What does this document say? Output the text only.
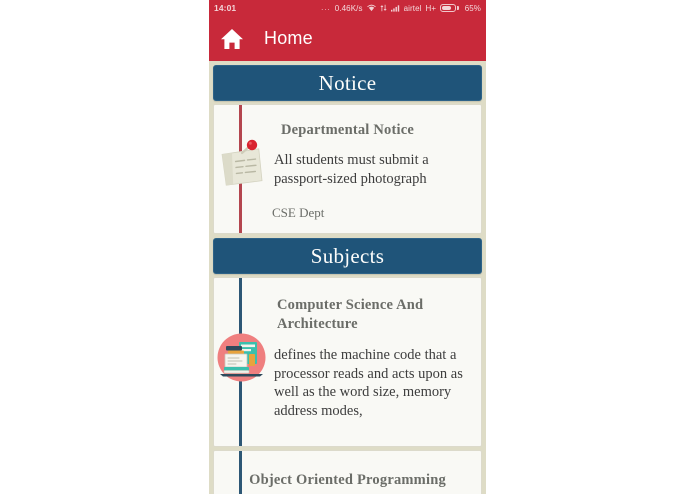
14:01	... 0.46K/s	airtel H+	65%
Home
Notice
Departmental Notice
All students must submit a passport-sized photograph
CSE Dept
Subjects
Computer Science And Architecture
defines the machine code that a processor reads and acts upon as well as the word size, memory address modes,
Object Oriented Programming
